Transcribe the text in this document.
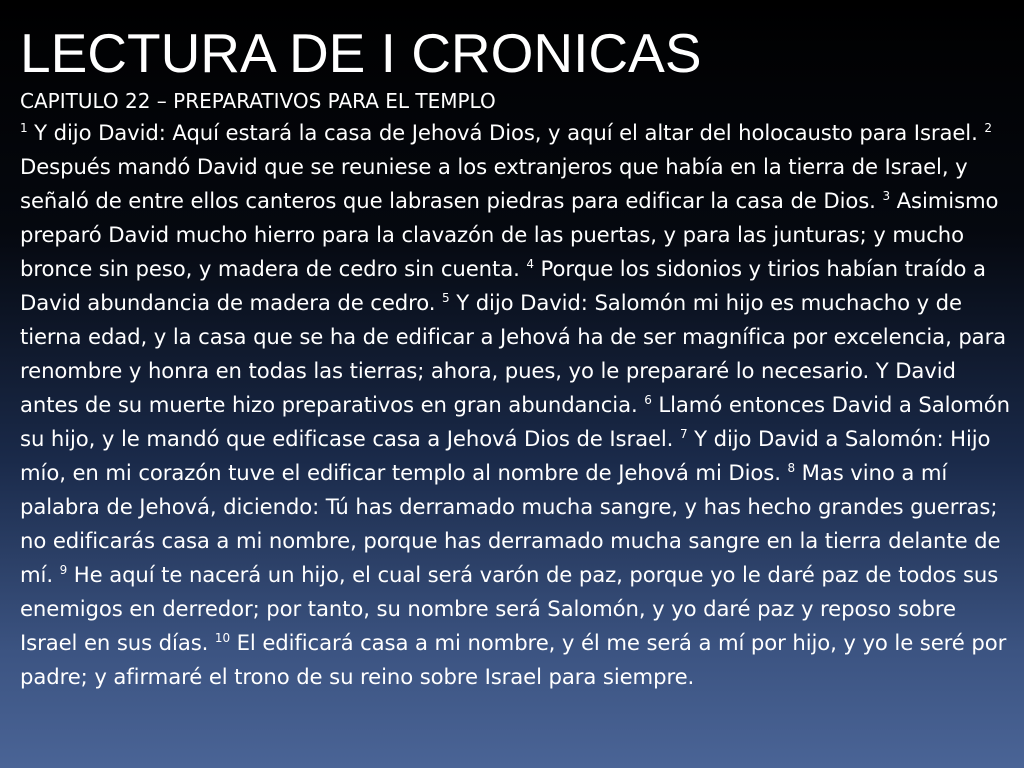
LECTURA DE I CRONICAS

CAPITULO 22 – PREPARATIVOS PARA EL TEMPLO

$^1$ Y dijo David: Aquí estará la casa de Jehová Dios, y aquí el altar del holocausto para Israel. $^2$ Después mandó David que se reuniese a los extranjeros que había en la tierra de Israel, y señaló de entre ellos canteros que labrasen piedras para edificar la casa de Dios. $^3$ Asimismo preparó David mucho hierro para la clavazón de las puertas, y para las junturas; y mucho bronce sin peso, y madera de cedro sin cuenta. $^4$ Porque los sidonios y tirios habían traído a David abundancia de madera de cedro. $^5$ Y dijo David: Salomón mi hijo es muchacho y de tierna edad, y la casa que se ha de edificar a Jehová ha de ser magnífica por excelencia, para renombre y honra en todas las tierras; ahora, pues, yo le prepararé lo necesario. Y David antes de su muerte hizo preparativos en gran abundancia. $^6$ Llamó entonces David a Salomón su hijo, y le mandó que edificase casa a Jehová Dios de Israel. $^7$ Y dijo David a Salomón: Hijo mío, en mi corazón tuve el edificar templo al nombre de Jehová mi Dios. $^8$ Mas vino a mí palabra de Jehová, diciendo: Tú has derramado mucha sangre, y has hecho grandes guerras; no edificarás casa a mi nombre, porque has derramado mucha sangre en la tierra delante de mí. $^9$ He aquí te nacerá un hijo, el cual será varón de paz, porque yo le daré paz de todos sus enemigos en derredor; por tanto, su nombre será Salomón, y yo daré paz y reposo sobre Israel en sus días. $^{10}$ El edificará casa a mi nombre, y él me será a mí por hijo, y yo le seré por padre; y afirmaré el trono de su reino sobre Israel para siempre.
